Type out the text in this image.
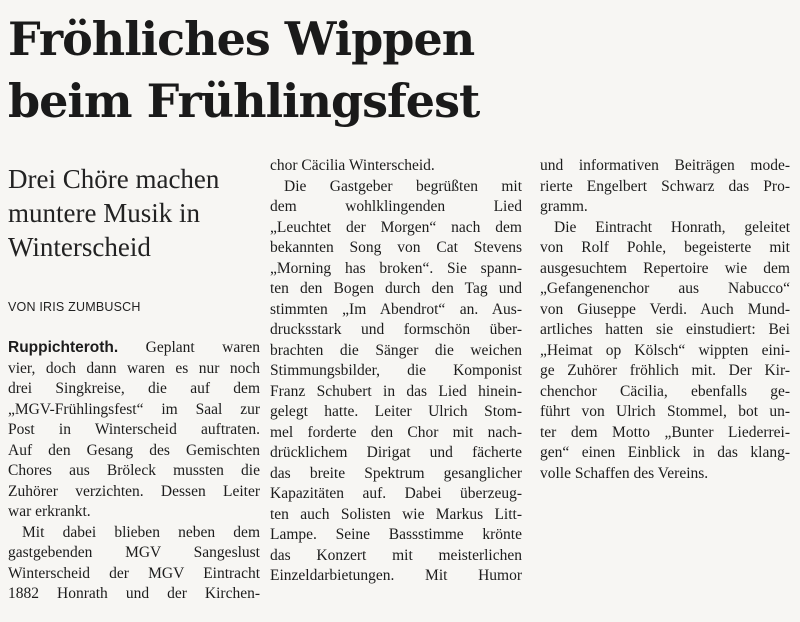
Fröhliches Wippen
beim Frühlingsfest
Drei Chöre machen
muntere Musik in
Winterscheid
VON IRIS ZUMBUSCH
Ruppichteroth. Geplant waren
vier, doch dann waren es nur noch
drei Singkreise, die auf dem
„MGV-Frühlingsfest“ im Saal zur
Post in Winterscheid auftraten.
Auf den Gesang des Gemischten
Chores aus Bröleck mussten die
Zuhörer verzichten. Dessen Leiter
war erkrankt.
Mit dabei blieben neben dem
gastgebenden MGV Sangeslust
Winterscheid der MGV Eintracht
1882 Honrath und der Kirchen-
chor Cäcilia Winterscheid.
Die Gastgeber begrüßten mit
dem wohlklingenden Lied
„Leuchtet der Morgen“ nach dem
bekannten Song von Cat Stevens
„Morning has broken“. Sie spann-
ten den Bogen durch den Tag und
stimmten „Im Abendrot“ an. Aus-
drucksstark und formschön über-
brachten die Sänger die weichen
Stimmungsbilder, die Komponist
Franz Schubert in das Lied hinein-
gelegt hatte. Leiter Ulrich Stom-
mel forderte den Chor mit nach-
drücklichem Dirigat und fächerte
das breite Spektrum gesanglicher
Kapazitäten auf. Dabei überzeug-
ten auch Solisten wie Markus Litt-
Lampe. Seine Bassstimme krönte
das Konzert mit meisterlichen
Einzeldarbietungen. Mit Humor
und informativen Beiträgen mode-
rierte Engelbert Schwarz das Pro-
gramm.
Die Eintracht Honrath, geleitet
von Rolf Pohle, begeisterte mit
ausgesuchtem Repertoire wie dem
„Gefangenenchor aus Nabucco“
von Giuseppe Verdi. Auch Mund-
artliches hatten sie einstudiert: Bei
„Heimat op Kölsch“ wippten eini-
ge Zuhörer fröhlich mit. Der Kir-
chenchor Cäcilia, ebenfalls ge-
führt von Ulrich Stommel, bot un-
ter dem Motto „Bunter Liederrei-
gen“ einen Einblick in das klang-
volle Schaffen des Vereins.
